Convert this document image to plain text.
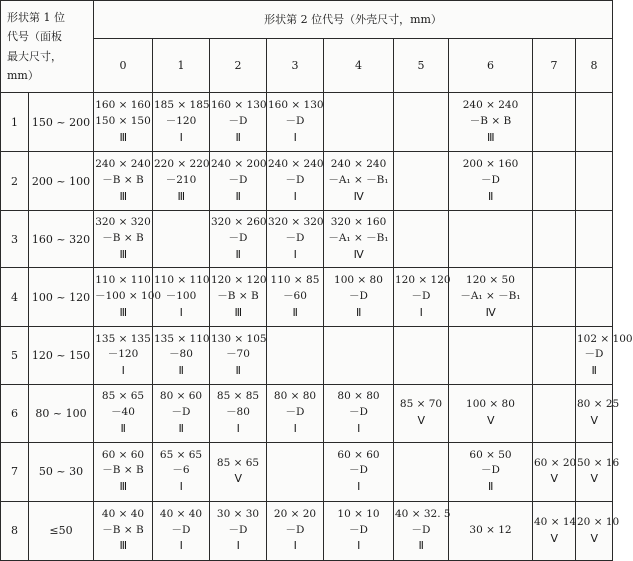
形状第 1 位
代号（面板
最大尺寸，
mm）		形状第 2 位代号（外壳尺寸，mm）								
		0	1	2	3	4	5	6	7	8
1	150 ~ 200	160 × 160
150 × 150
Ⅲ	185 × 185
－120
Ⅰ	160 × 130
－D
Ⅱ	160 × 130
－D
Ⅰ			240 × 240
－B × B
Ⅲ		

2	200 ~ 100	240 × 240
－B × B
Ⅲ	220 × 220
－210
Ⅲ	240 × 200
－D
Ⅱ	240 × 240
－D
Ⅰ	240 × 240
－A₁ × －B₁
Ⅳ		200 × 160
－D
Ⅱ		

3	160 ~ 320	320 × 320
－B × B
Ⅲ		320 × 260
－D
Ⅱ	320 × 320
－D
Ⅰ	320 × 160
－A₁ × －B₁
Ⅳ				

4	100 ~ 120	110 × 110
－100 × 100
Ⅲ	110 × 110
－100
Ⅰ	120 × 120
－B × B
Ⅲ	110 × 85
－60
Ⅱ	100 × 80
－D
Ⅱ	120 × 120
－D
Ⅰ	120 × 50
－A₁ × －B₁
Ⅳ		

5	120 ~ 150	135 × 135
－120
Ⅰ	135 × 110
－80
Ⅱ	130 × 105
－70
Ⅱ						102 × 100
－D
Ⅱ

6	80 ~ 100	85 × 65
－40
Ⅱ	80 × 60
－D
Ⅱ	85 × 85
－80
Ⅰ	80 × 80
－D
Ⅰ	80 × 80
－D
Ⅰ	85 × 70
Ⅴ	100 × 80
Ⅴ		80 × 25
Ⅴ

7	50 ~ 30	60 × 60
－B × B
Ⅲ	65 × 65
－6
Ⅰ	85 × 65
Ⅴ		60 × 60
－D
Ⅰ		60 × 50
－D
Ⅱ	60 × 20
Ⅴ	50 × 16
Ⅴ

8	≤50	40 × 40
－B × B
Ⅲ	40 × 40
－D
Ⅰ	30 × 30
－D
Ⅰ	20 × 20
－D
Ⅰ	10 × 10
－D
Ⅰ	40 × 32. 5
－D
Ⅱ	30 × 12	40 × 14
Ⅴ	20 × 10
Ⅴ
